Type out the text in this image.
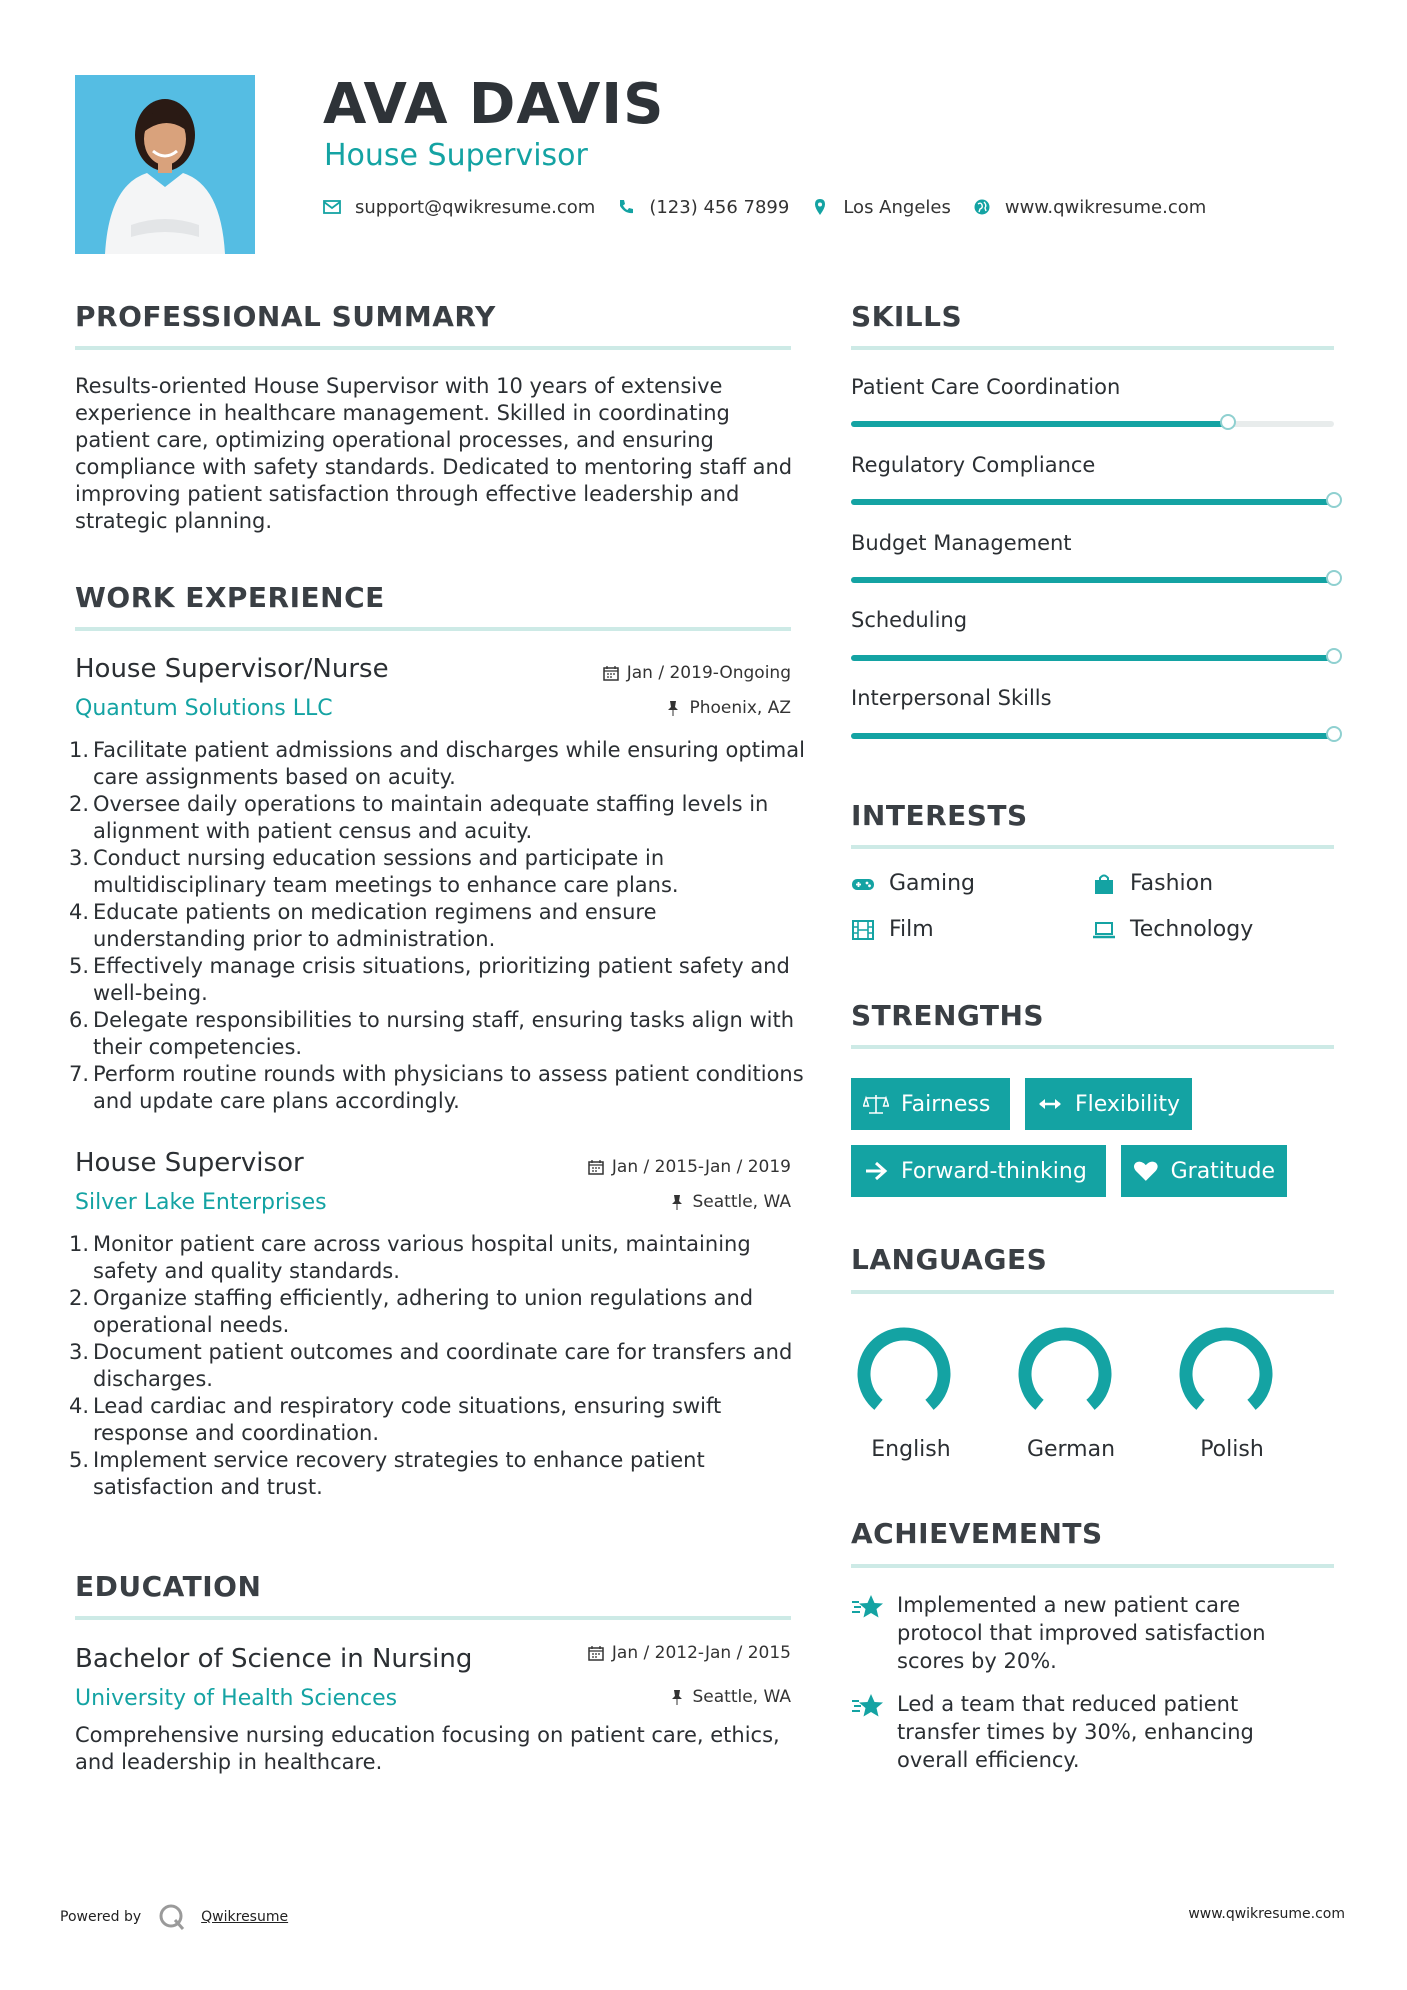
AVA DAVIS
House Supervisor
support@qwikresume.com	(123) 456 7899	Los Angeles	www.qwikresume.com
PROFESSIONAL SUMMARY
Results-oriented House Supervisor with 10 years of extensive experience in healthcare management. Skilled in coordinating patient care, optimizing operational processes, and ensuring compliance with safety standards. Dedicated to mentoring staff and improving patient satisfaction through effective leadership and strategic planning.
WORK EXPERIENCE
House Supervisor/Nurse	Jan / 2019-Ongoing
Quantum Solutions LLC	Phoenix, AZ
Facilitate patient admissions and discharges while ensuring optimal care assignments based on acuity.
Oversee daily operations to maintain adequate staffing levels in alignment with patient census and acuity.
Conduct nursing education sessions and participate in multidisciplinary team meetings to enhance care plans.
Educate patients on medication regimens and ensure understanding prior to administration.
Effectively manage crisis situations, prioritizing patient safety and well-being.
Delegate responsibilities to nursing staff, ensuring tasks align with their competencies.
Perform routine rounds with physicians to assess patient conditions and update care plans accordingly.
House Supervisor	Jan / 2015-Jan / 2019
Silver Lake Enterprises	Seattle, WA
Monitor patient care across various hospital units, maintaining safety and quality standards.
Organize staffing efficiently, adhering to union regulations and operational needs.
Document patient outcomes and coordinate care for transfers and discharges.
Lead cardiac and respiratory code situations, ensuring swift response and coordination.
Implement service recovery strategies to enhance patient satisfaction and trust.
EDUCATION
Bachelor of Science in Nursing	Jan / 2012-Jan / 2015
University of Health Sciences	Seattle, WA
Comprehensive nursing education focusing on patient care, ethics, and leadership in healthcare.
SKILLS
Patient Care Coordination
Regulatory Compliance
Budget Management
Scheduling
Interpersonal Skills
INTERESTS
Gaming	Fashion
Film	Technology
STRENGTHS
Fairness	Flexibility
Forward-thinking	Gratitude
LANGUAGES
English	German	Polish
ACHIEVEMENTS
Implemented a new patient care protocol that improved satisfaction scores by 20%.
Led a team that reduced patient transfer times by 30%, enhancing overall efficiency.
Powered by	Qwikresume	www.qwikresume.com
